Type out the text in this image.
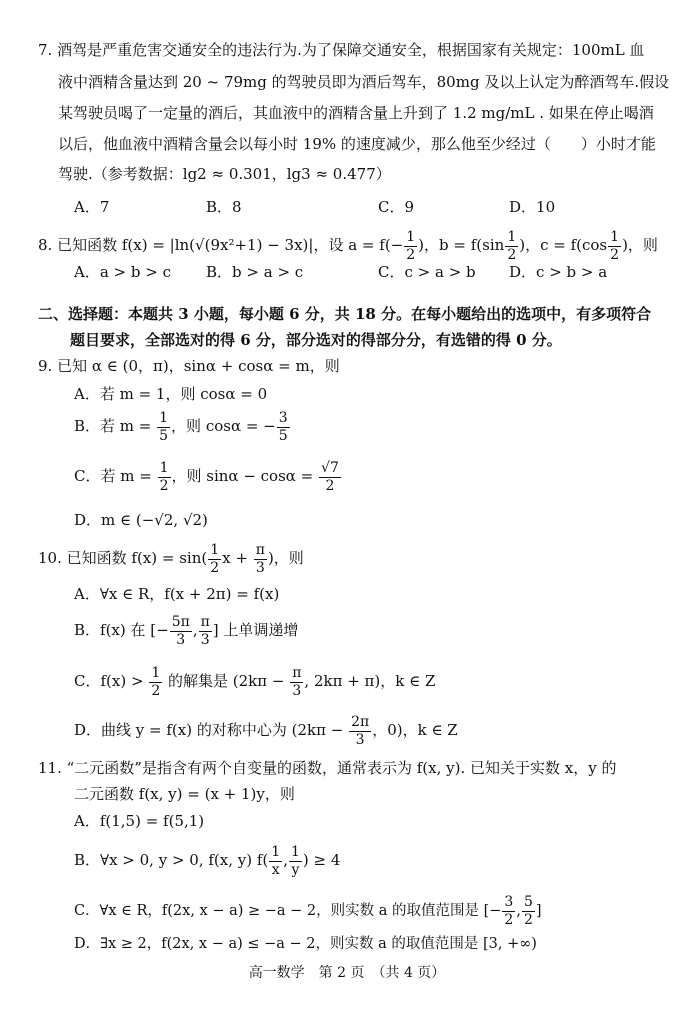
7. 酒驾是严重危害交通安全的违法行为.为了保障交通安全，根据国家有关规定：100mL 血
液中酒精含量达到 20 ~ 79mg 的驾驶员即为酒后驾车，80mg 及以上认定为醉酒驾车.假设
某驾驶员喝了一定量的酒后，其血液中的酒精含量上升到了 1.2 mg/mL . 如果在停止喝酒
以后，他血液中酒精含量会以每小时 19% 的速度减少，那么他至少经过（　　）小时才能
驾驶.（参考数据：lg2 ≈ 0.301，lg3 ≈ 0.477）
A．7	B．8	C．9	D．10
8. 已知函数 f(x) = |ln(√(9x²+1) − 3x)|，设 $a = f(- \frac{1}{2}$ )，$b = f(\sin \frac{1}{2}$ )，$c = f(\cos \frac{1}{2}$ )，则
A．a > b > c B．b > a > c	C．c > a > b D．c > b > a
二、选择题：本题共 3 小题，每小题 6 分，共 18 分。在每小题给出的选项中，有多项符合
题目要求，全部选对的得 6 分，部分选对的得部分分，有选错的得 0 分。
9. 已知 α ∈ (0，π)，sinα + cosα = m，则
A．若 m = 1，则 cosα = 0
B．若 $m = \frac{1}{5}$ ，则 cosα = − $\frac{3}{5}$
C．若 $m = \frac{1}{2}$ ，则 $\sin\alpha - \cos\alpha = \frac{√7}{2}$
D．m ∈ (−√2, √2)
10. 已知函数 $f(x) = \sin( \frac{1}{2}$ $x + \frac{\pi}{3}$ )，则
A．∀x ∈ R，f(x + 2π) = f(x)
B．f(x) 在 [− $\frac{5\pi}{3}$ , $\frac{\pi}{3}$ ] 上单调递增
C．$f(x) > \frac{1}{2}$ 的解集是 ($2k\pi - \frac{\pi}{3}$ , 2kπ + π)，k ∈ Z
D．曲线 y = f(x) 的对称中心为 ($2k\pi - \frac{2\pi}{3}$ ，0)，k ∈ Z
11. “二元函数”是指含有两个自变量的函数，通常表示为 f(x, y). 已知关于实数 x，y 的
二元函数 f(x, y) = (x + 1)y，则
A．f(1,5) = f(5,1)
B．∀x > 0, y > 0, f(x, y) $f( \frac{1}{x}$ , $\frac{1}{y}$ ) ≥ 4
C．∀x ∈ R，f(2x, x − a) ≥ −a − 2，则实数 a 的取值范围是 [− $\frac{3}{2}$ , $\frac{5}{2}$ ]
D．∃x ≥ 2，f(2x, x − a) ≤ −a − 2，则实数 a 的取值范围是 [3, +∞)
高一数学　第 2 页　（共 4 页）
